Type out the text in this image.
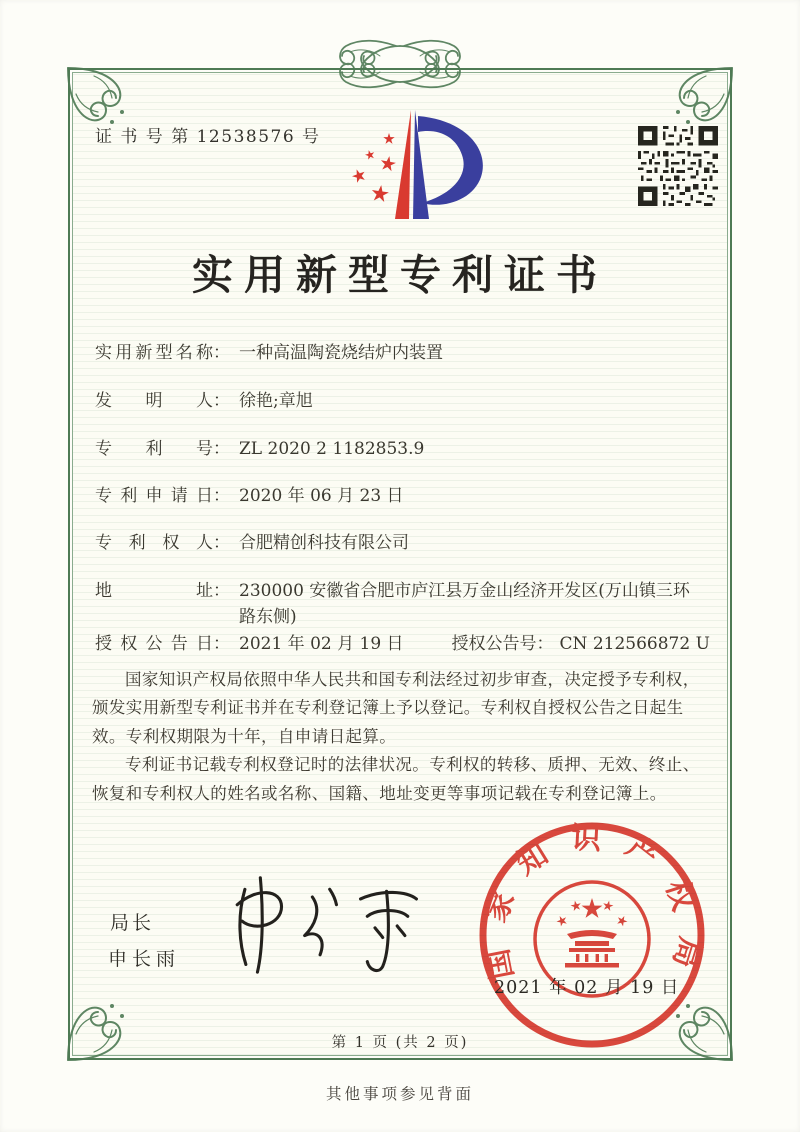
证 书 号 第 12538576 号
实用新型专利证书
实用新型名称： 一种高温陶瓷烧结炉内装置
发明人： 徐艳;章旭
专利号： ZL 2020 2 1182853.9
专利申请日： 2020 年 06 月 23 日
专利权人： 合肥精创科技有限公司
地址： 230000 安徽省合肥市庐江县万金山经济开发区(万山镇三环路东侧)
授权公告日： 2021 年 02 月 19 日	授权公告号： CN 212566872 U

国家知识产权局依照中华人民共和国专利法经过初步审查，决定授予专利权，颁发实用新型专利证书并在专利登记簿上予以登记。专利权自授权公告之日起生效。专利权期限为十年，自申请日起算。

专利证书记载专利权登记时的法律状况。专利权的转移、质押、无效、终止、恢复和专利权人的姓名或名称、国籍、地址变更等事项记载在专利登记簿上。

局长
申长雨	国家知识产权局
2021 年 02 月 19 日
第 1 页 (共 2 页)
其他事项参见背面
